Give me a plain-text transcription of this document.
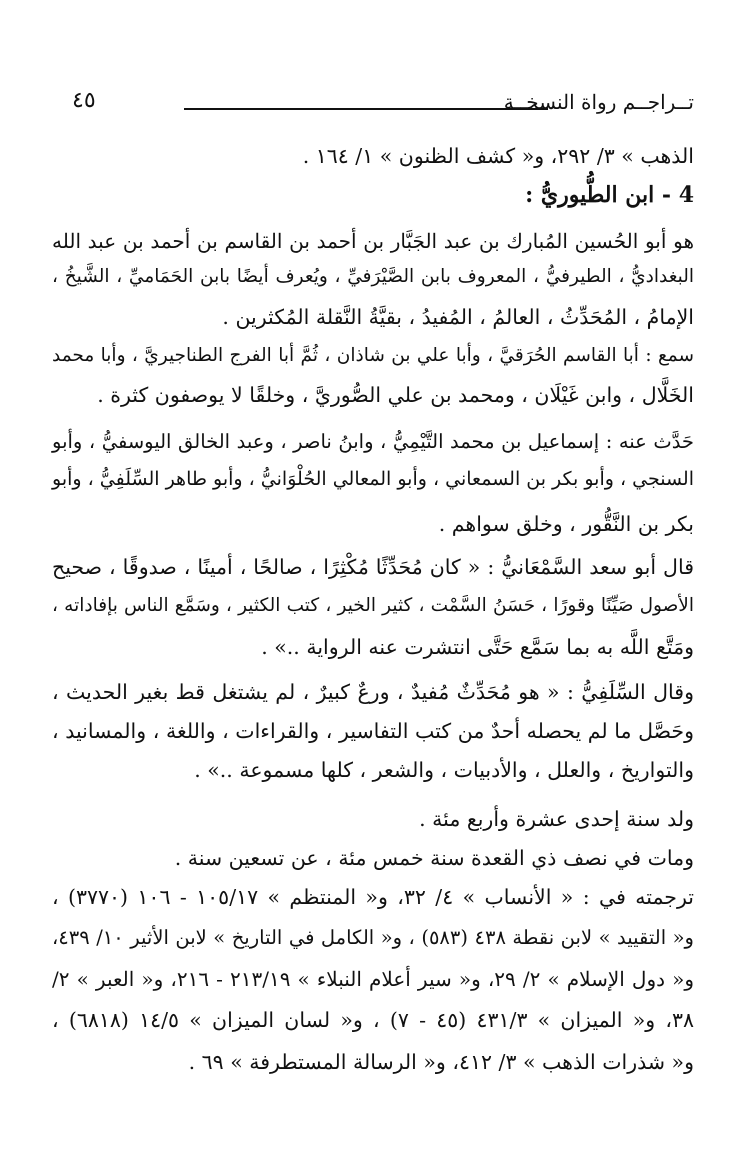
٤٥	تــراجــم رواة النسخــة
الذهب » ٣/ ٢٩٢، و« كشف الظنون » ١/ ١٦٤ .
4 - ابن الطُّيوريُّ :
هو أبو الحُسين المُبارك بن عبد الجَبَّار بن أحمد بن القاسم بن أحمد بن عبد الله
البغداديُّ ، الطيرفيُّ ، المعروف بابن الصَّيْرَفيِّ ، ويُعرف أيضًا بابن الحَمَاميِّ ، الشَّيخُ ،
الإمامُ ، المُحَدِّثُ ، العالمُ ، المُفيدُ ، بقيَّةُ النَّقلة المُكثرين .
سمع : أبا القاسم الحُرَقيَّ ، وأبا علي بن شاذان ، ثُمَّ أبا الفرج الطناجيريَّ ، وأبا محمد
الخَلَّال ، وابن غَيْلَان ، ومحمد بن علي الصُّوريَّ ، وخلقًا لا يوصفون كثرة .
حَدَّث عنه : إسماعيل بن محمد التَّيْمِيُّ ، وابنُ ناصر ، وعبد الخالق اليوسفيُّ ، وأبو
السنجي ، وأبو بكر بن السمعاني ، وأبو المعالي الحُلْوَانيُّ ، وأبو طاهر السِّلَفِيُّ ، وأبو
بكر بن النَّقُّور ، وخلق سواهم .
قال أبو سعد السَّمْعَانيُّ : « كان مُحَدِّثًا مُكْثِرًا ، صالحًا ، أمينًا ، صدوقًا ، صحيح
الأصول صَيِّنًا وقورًا ، حَسَنُ السَّمْت ، كثير الخير ، كتب الكثير ، وسَمَّع الناس بإفاداته ،
ومَتَّع اللَّه به بما سَمَّع حَتَّى انتشرت عنه الرواية ..» .
وقال السِّلَفِيُّ : « هو مُحَدِّثٌ مُفيدٌ ، ورعٌ كبيرٌ ، لم يشتغل قط بغير الحديث ،
وحَصَّل ما لم يحصله أحدٌ من كتب التفاسير ، والقراءات ، واللغة ، والمسانيد ،
والتواريخ ، والعلل ، والأدبيات ، والشعر ، كلها مسموعة ..» .
ولد سنة إحدى عشرة وأربع مئة .
ومات في نصف ذي القعدة سنة خمس مئة ، عن تسعين سنة .
ترجمته في : « الأنساب » ٤/ ٣٢، و« المنتظم » ١٠٥/١٧ - ١٠٦ (٣٧٧٠) ،
و« التقييد » لابن نقطة ٤٣٨ (٥٨٣) ، و« الكامل في التاريخ » لابن الأثير ١٠/ ٤٣٩،
و« دول الإسلام » ٢/ ٢٩، و« سير أعلام النبلاء » ٢١٣/١٩ - ٢١٦، و« العبر » ٢/
٣٨، و« الميزان » ٤٣١/٣ (٤٥ - ٧) ، و« لسان الميزان » ١٤/٥ (٦٨١٨) ،
و« شذرات الذهب » ٣/ ٤١٢، و« الرسالة المستطرفة » ٦٩ .
